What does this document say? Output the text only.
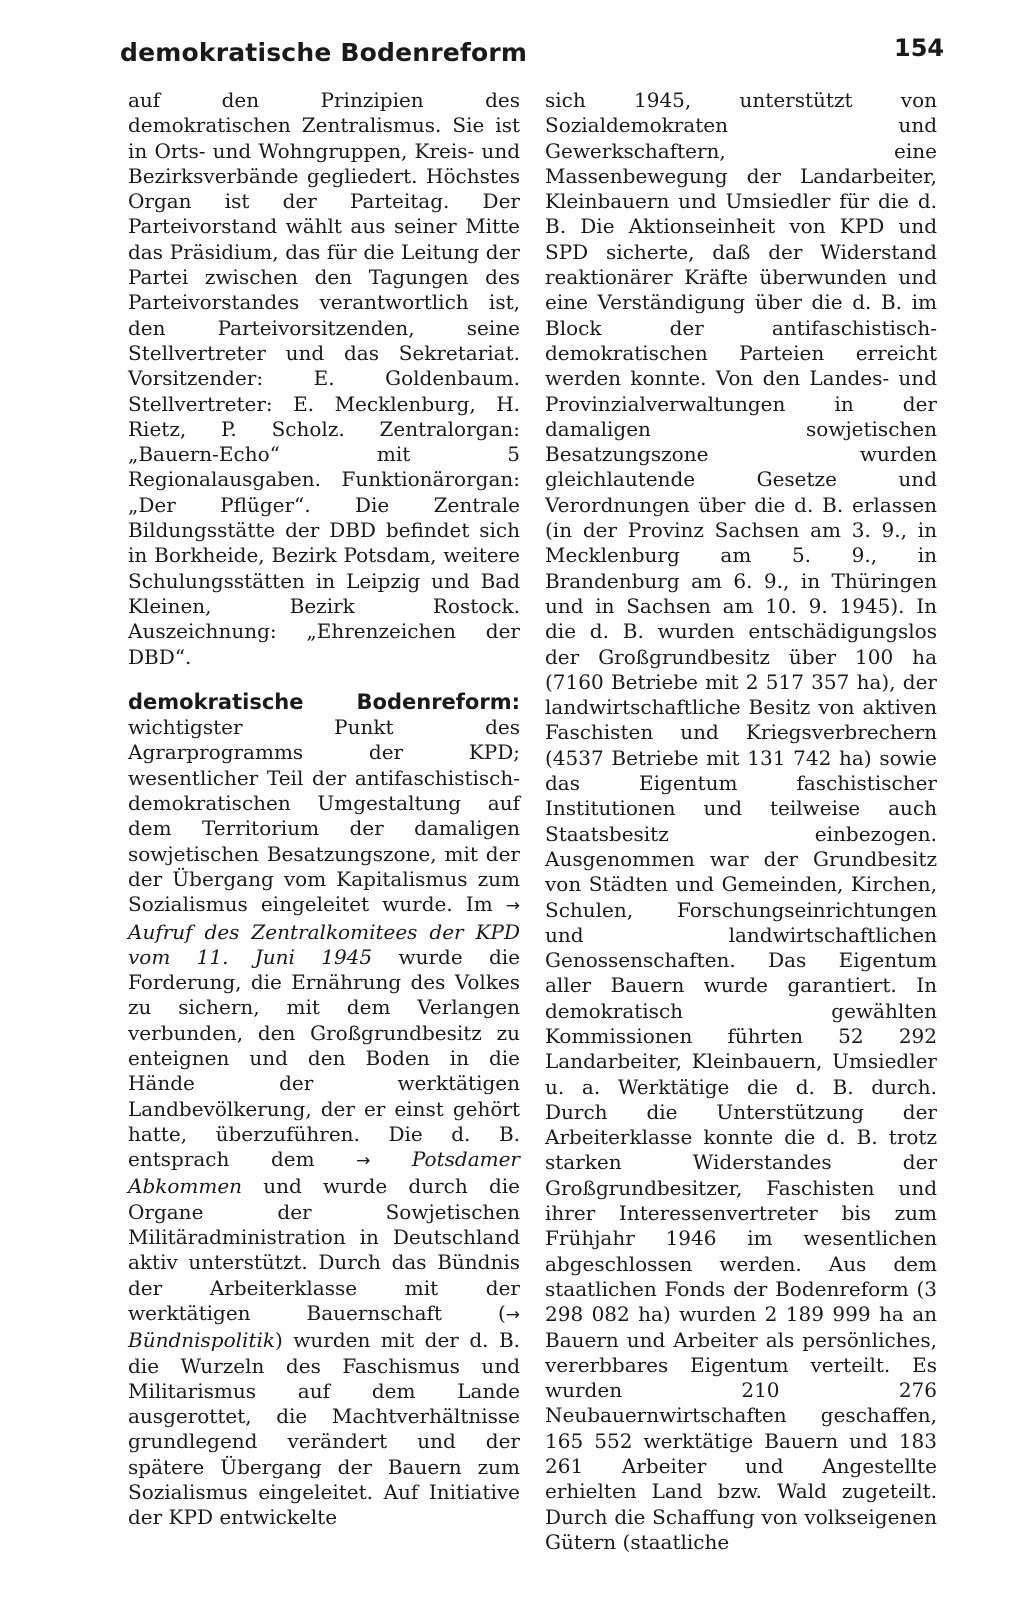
demokratische Bodenreform	154

auf den Prinzipien des demokratischen Zentralismus. Sie ist in Orts- und Wohngruppen, Kreis- und Bezirksverbände gegliedert. Höchstes Organ ist der Parteitag. Der Parteivorstand wählt aus seiner Mitte das Präsidium, das für die Leitung der Partei zwischen den Tagungen des Parteivorstandes verantwortlich ist, den Parteivorsitzenden, seine Stellvertreter und das Sekretariat. Vorsitzender: E. Goldenbaum. Stellvertreter: E. Mecklenburg, H. Rietz, P. Scholz. Zentralorgan: „Bauern-Echo“ mit 5 Regionalausgaben. Funktionärorgan: „Der Pflüger“. Die Zentrale Bildungsstätte der DBD befindet sich in Borkheide, Bezirk Potsdam, weitere Schulungsstätten in Leipzig und Bad Kleinen, Bezirk Rostock. Auszeichnung: „Ehrenzeichen der DBD“.

demokratische Bodenreform: wichtigster Punkt des Agrarprogramms der KPD; wesentlicher Teil der antifaschistisch-demokratischen Umgestaltung auf dem Territorium der damaligen sowjetischen Besatzungszone, mit der der Übergang vom Kapitalismus zum Sozialismus eingeleitet wurde. Im → Aufruf des Zentralkomitees der KPD vom 11. Juni 1945 wurde die Forderung, die Ernährung des Volkes zu sichern, mit dem Verlangen verbunden, den Großgrundbesitz zu enteignen und den Boden in die Hände der werktätigen Landbevölkerung, der er einst gehört hatte, überzuführen. Die d. B. entsprach dem → Potsdamer Abkommen und wurde durch die Organe der Sowjetischen Militäradministration in Deutschland aktiv unterstützt. Durch das Bündnis der Arbeiterklasse mit der werktätigen Bauernschaft (→ Bündnispolitik) wurden mit der d. B. die Wurzeln des Faschismus und Militarismus auf dem Lande ausgerottet, die Machtverhältnisse grundlegend verändert und der spätere Übergang der Bauern zum Sozialismus eingeleitet. Auf Initiative der KPD entwickelte

sich 1945, unterstützt von Sozialdemokraten und Gewerkschaftern, eine Massenbewegung der Landarbeiter, Kleinbauern und Umsiedler für die d. B. Die Aktionseinheit von KPD und SPD sicherte, daß der Widerstand reaktionärer Kräfte überwunden und eine Verständigung über die d. B. im Block der antifaschistisch-demokratischen Parteien erreicht werden konnte. Von den Landes- und Provinzialverwaltungen in der damaligen sowjetischen Besatzungszone wurden gleichlautende Gesetze und Verordnungen über die d. B. erlassen (in der Provinz Sachsen am 3. 9., in Mecklenburg am 5. 9., in Brandenburg am 6. 9., in Thüringen und in Sachsen am 10. 9. 1945). In die d. B. wurden entschädigungslos der Großgrundbesitz über 100 ha (7160 Betriebe mit 2 517 357 ha), der landwirtschaftliche Besitz von aktiven Faschisten und Kriegsverbrechern (4537 Betriebe mit 131 742 ha) sowie das Eigentum faschistischer Institutionen und teilweise auch Staatsbesitz einbezogen. Ausgenommen war der Grundbesitz von Städten und Gemeinden, Kirchen, Schulen, Forschungseinrichtungen und landwirtschaftlichen Genossenschaften. Das Eigentum aller Bauern wurde garantiert. In demokratisch gewählten Kommissionen führten 52 292 Landarbeiter, Kleinbauern, Umsiedler u. a. Werktätige die d. B. durch. Durch die Unterstützung der Arbeiterklasse konnte die d. B. trotz starken Widerstandes der Großgrundbesitzer, Faschisten und ihrer Interessenvertreter bis zum Frühjahr 1946 im wesentlichen abgeschlossen werden. Aus dem staatlichen Fonds der Bodenreform (3 298 082 ha) wurden 2 189 999 ha an Bauern und Arbeiter als persönliches, vererbbares Eigentum verteilt. Es wurden 210 276 Neubauernwirtschaften geschaffen, 165 552 werktätige Bauern und 183 261 Arbeiter und Angestellte erhielten Land bzw. Wald zugeteilt. Durch die Schaffung von volkseigenen Gütern (staatliche
